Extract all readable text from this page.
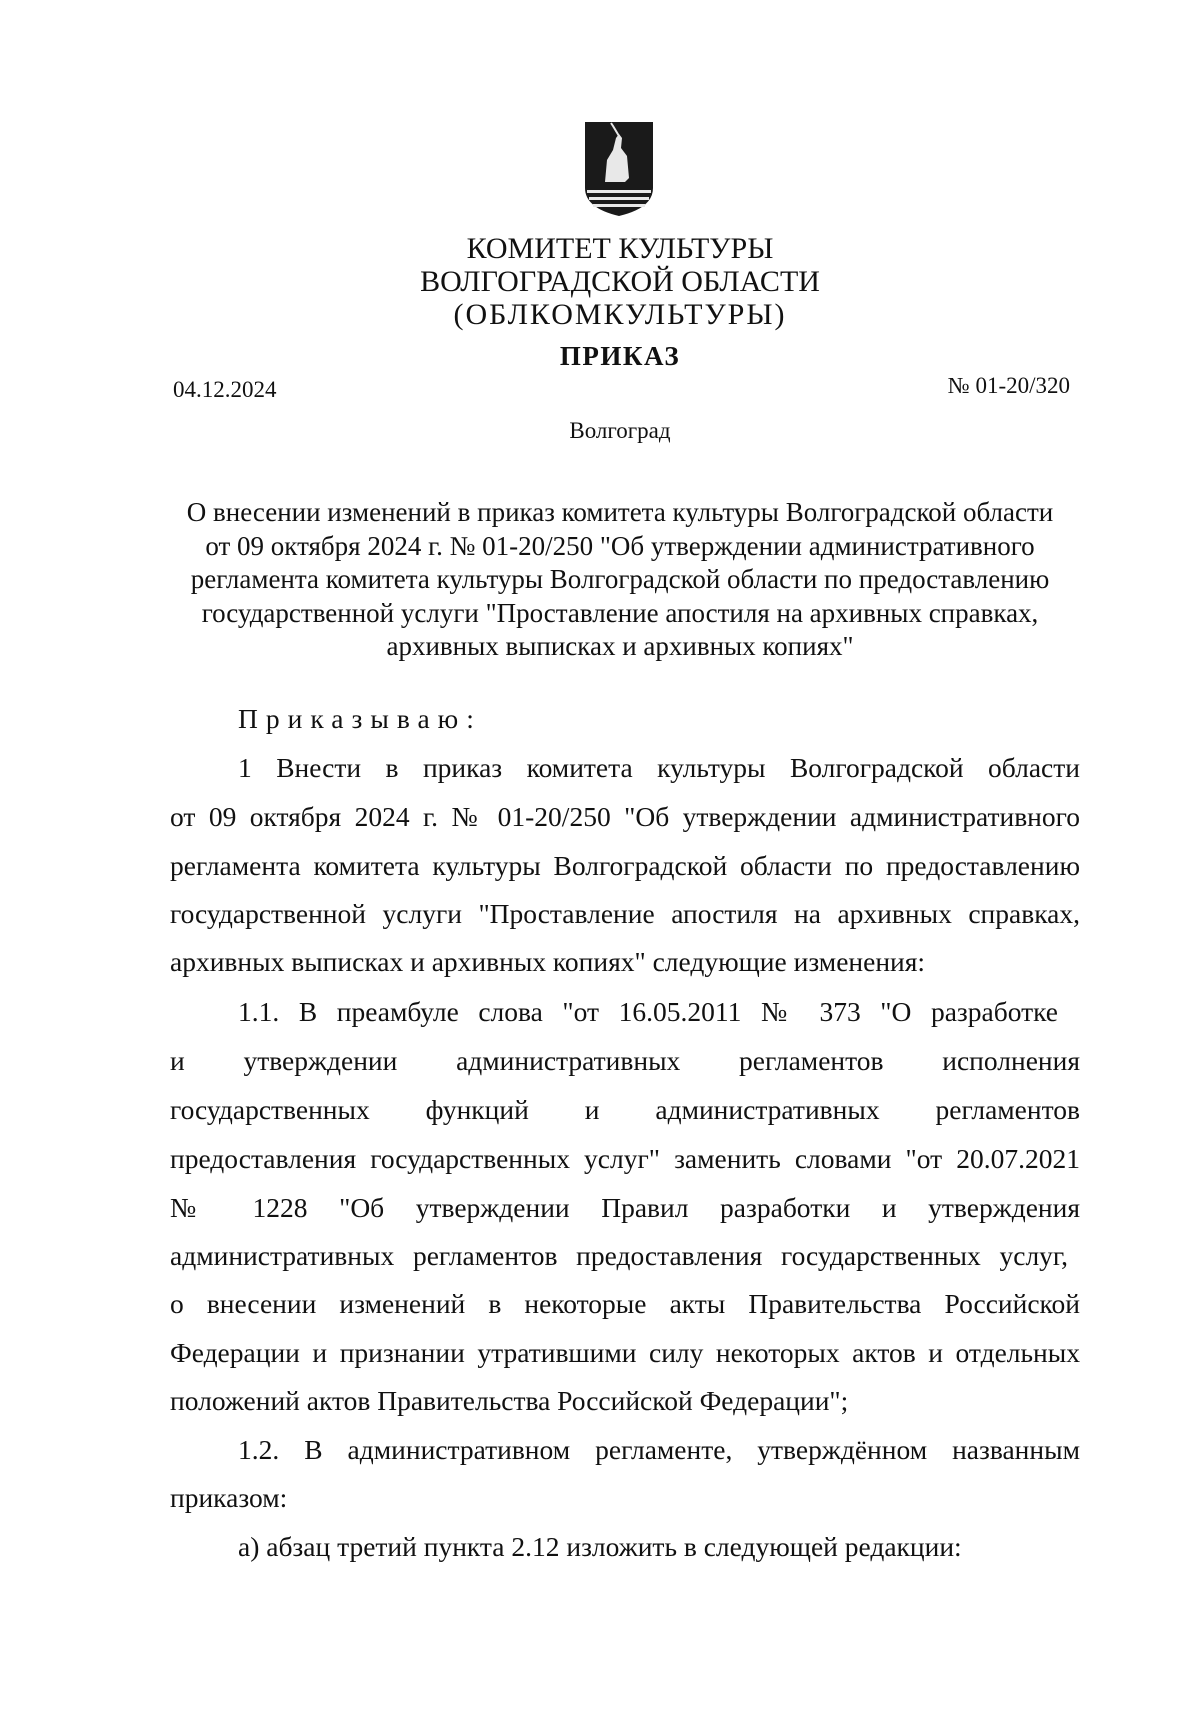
КОМИТЕТ КУЛЬТУРЫ
ВОЛГОГРАДСКОЙ ОБЛАСТИ
(ОБЛКОМКУЛЬТУРЫ)
ПРИКАЗ
04.12.2024	№ 01-20/320
Волгоград
О внесении изменений в приказ комитета культуры Волгоградской области
от 09 октября 2024 г. № 01-20/250 "Об утверждении административного
регламента комитета культуры Волгоградской области по предоставлению
государственной услуги "Проставление апостиля на архивных справках,
архивных выписках и архивных копиях"
Приказываю:
1 Внести в приказ комитета культуры Волгоградской области
от 09 октября 2024 г. № 01-20/250 "Об утверждении административного
регламента комитета культуры Волгоградской области по предоставлению
государственной услуги "Проставление апостиля на архивных справках,
архивных выписках и архивных копиях" следующие изменения:
1.1. В преамбуле слова "от 16.05.2011 № 373 "О разработке
и утверждении административных регламентов исполнения
государственных функций и административных регламентов
предоставления государственных услуг" заменить словами "от 20.07.2021
№ 1228 "Об утверждении Правил разработки и утверждения
административных регламентов предоставления государственных услуг,
о внесении изменений в некоторые акты Правительства Российской
Федерации и признании утратившими силу некоторых актов и отдельных
положений актов Правительства Российской Федерации";
1.2. В административном регламенте, утверждённом названным
приказом:
а) абзац третий пункта 2.12 изложить в следующей редакции:
